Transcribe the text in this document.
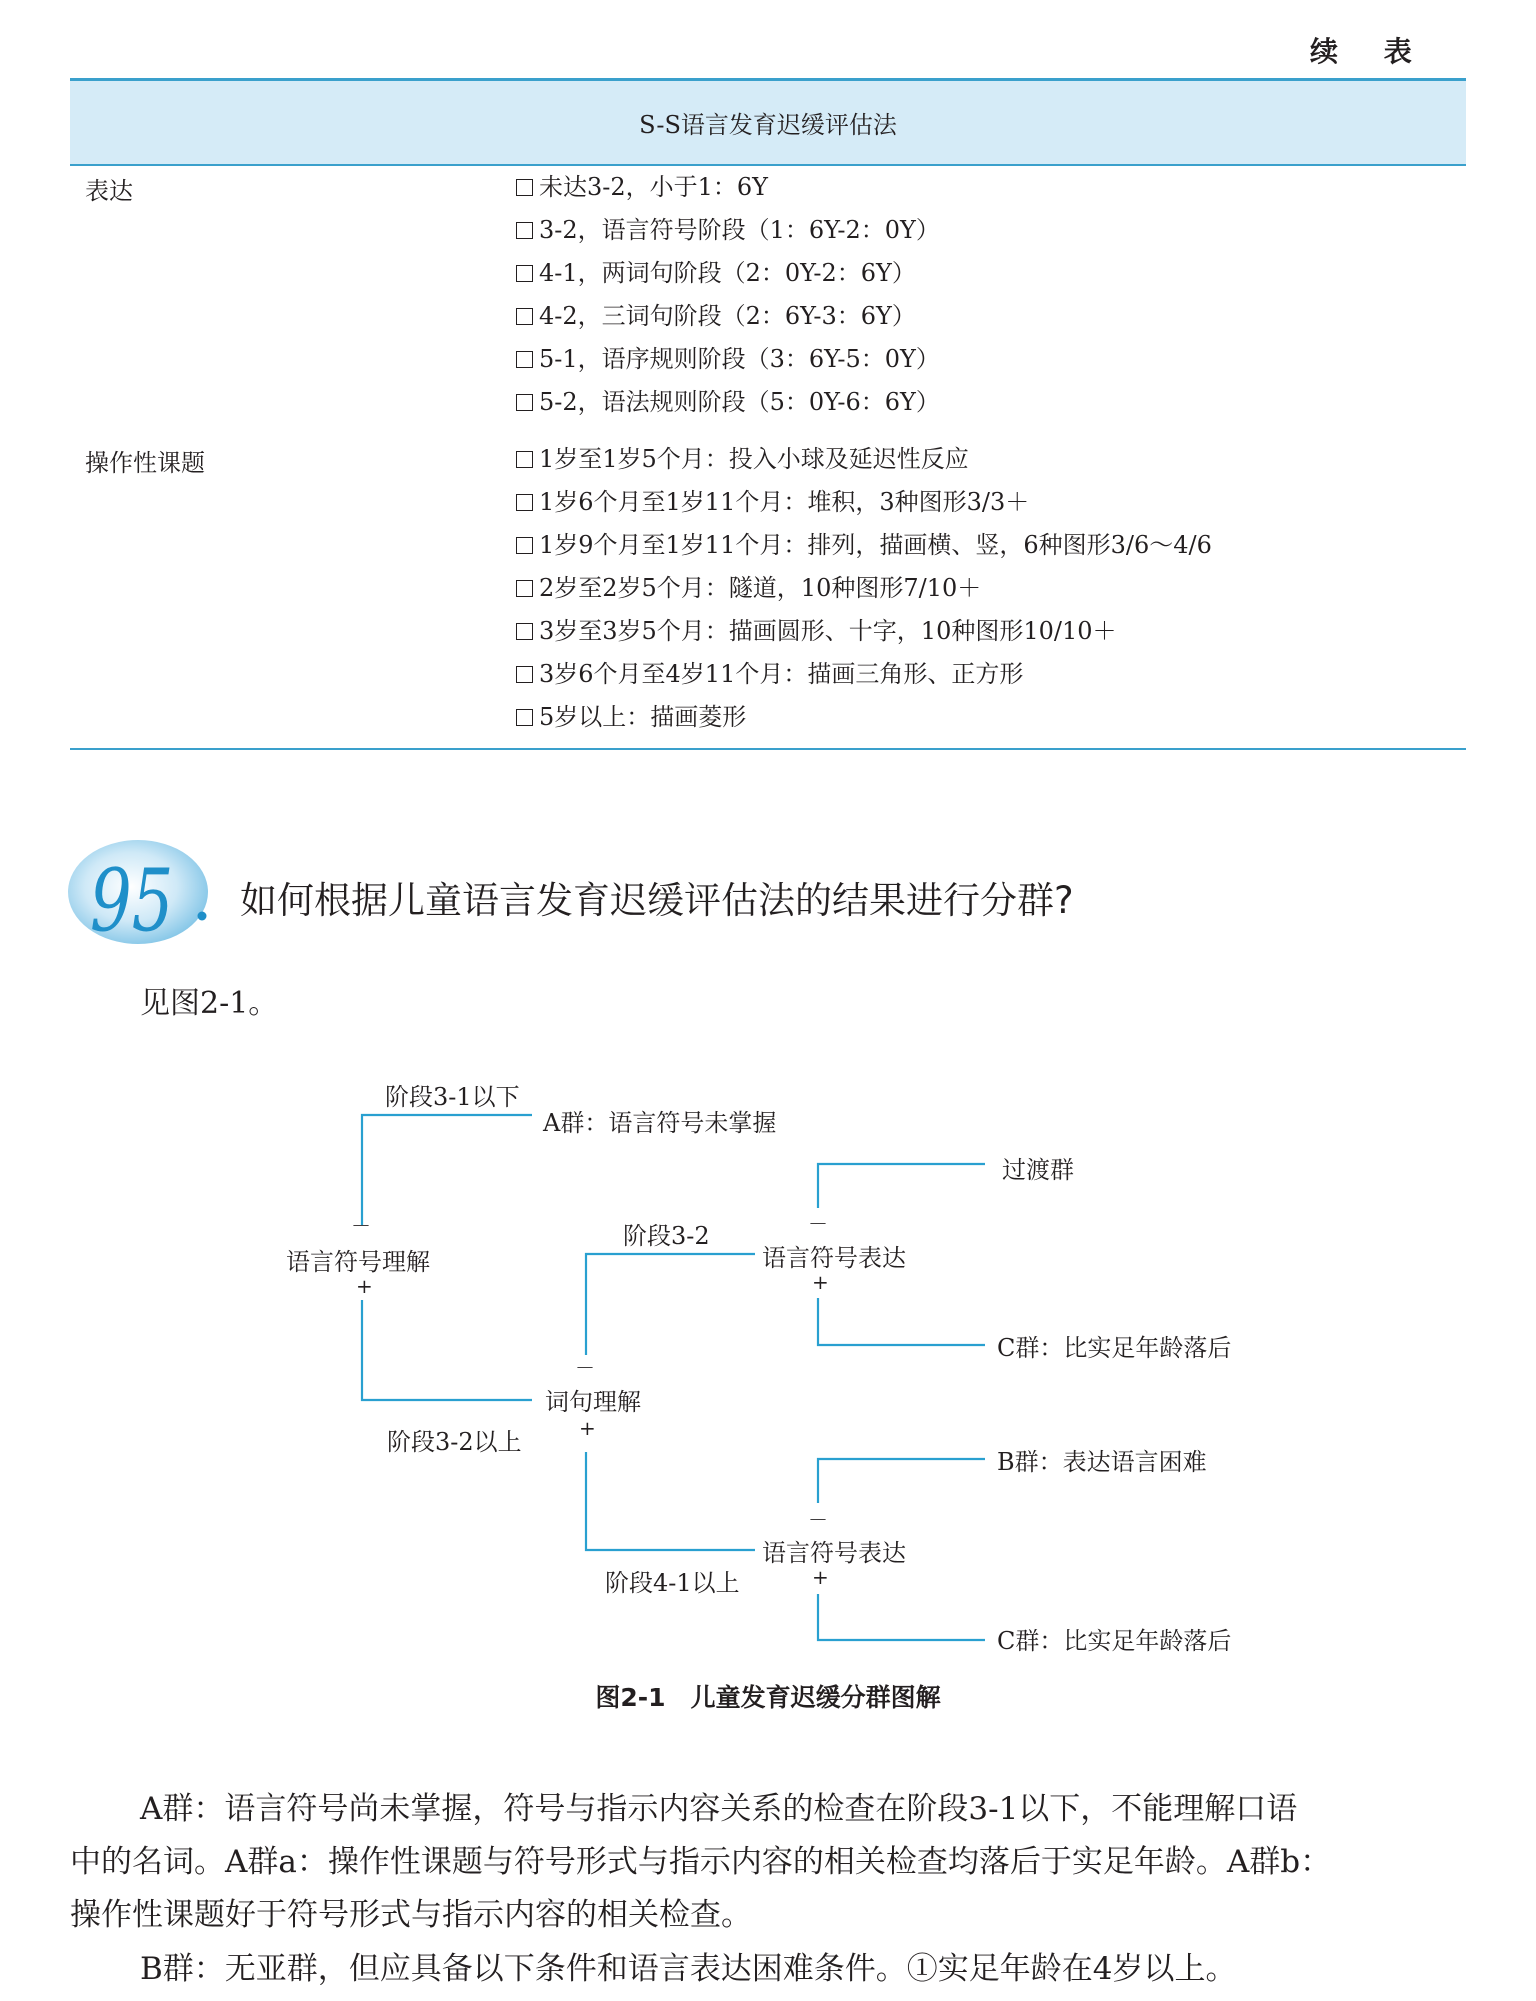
续 表
S-S语言发育迟缓评估法
表达	未达3-2，小于1：6Y
3-2，语言符号阶段（1：6Y-2：0Y）
4-1，两词句阶段（2：0Y-2：6Y）
4-2，三词句阶段（2：6Y-3：6Y）
5-1，语序规则阶段（3：6Y-5：0Y）
5-2，语法规则阶段（5：0Y-6：6Y）
操作性课题	1岁至1岁5个月：投入小球及延迟性反应
1岁6个月至1岁11个月：堆积，3种图形3/3＋
1岁9个月至1岁11个月：排列，描画横、竖，6种图形3/6～4/6
2岁至2岁5个月：隧道，10种图形7/10＋
3岁至3岁5个月：描画圆形、十字，10种图形10/10＋
3岁6个月至4岁11个月：描画三角形、正方形
5岁以上：描画菱形
95 如何根据儿童语言发育迟缓评估法的结果进行分群?
见图2-1。
阶段3-1以下
A群：语言符号未掌握
过渡群
－
语言符号理解
+
阶段3-2	－
语言符号表达
+
C群：比实足年龄落后
－
词句理解
+
阶段3-2以上
B群：表达语言困难
－
语言符号表达
阶段4-1以上	+
C群：比实足年龄落后
图2-1　儿童发育迟缓分群图解
A群：语言符号尚未掌握，符号与指示内容关系的检查在阶段3-1以下，不能理解口语
中的名词。A群a：操作性课题与符号形式与指示内容的相关检查均落后于实足年龄。A群b：
操作性课题好于符号形式与指示内容的相关检查。
B群：无亚群，但应具备以下条件和语言表达困难条件。①实足年龄在4岁以上。
